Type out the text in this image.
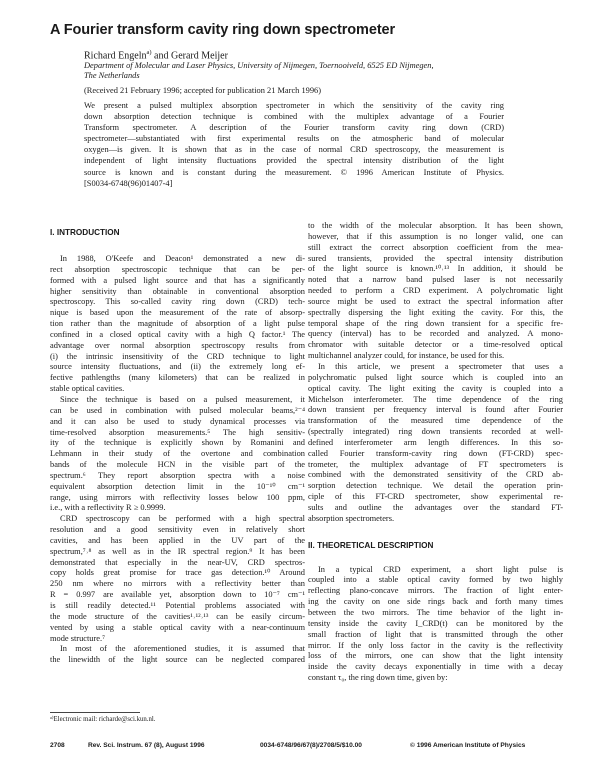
A Fourier transform cavity ring down spectrometer
Richard Engeln$^{a)}$ and Gerard Meijer
Department of Molecular and Laser Physics, University of Nijmegen, Toernooiveld, 6525 ED Nijmegen,
The Netherlands
(Received 21 February 1996; accepted for publication 21 March 1996)
We present a pulsed multiplex absorption spectrometer in which the sensitivity of the cavity ring
down absorption detection technique is combined with the multiplex advantage of a Fourier
Transform spectrometer. A description of the Fourier transform cavity ring down (CRD)
spectrometer—substantiated with first experimental results on the atmospheric band of molecular
oxygen—is given. It is shown that as in the case of normal CRD spectroscopy, the measurement is
independent of light intensity fluctuations provided the spectral intensity distribution of the light
source is known and is constant during the measurement. © 1996 American Institute of Physics.
[S0034-6748(96)01407-4]
I. INTRODUCTION
In 1988, O'Keefe and Deacon¹ demonstrated a new di-
rect absorption spectroscopic technique that can be per-
formed with a pulsed light source and that has a significantly
higher sensitivity than obtainable in conventional absorption
spectroscopy. This so-called cavity ring down (CRD) tech-
nique is based upon the measurement of the rate of absorp-
tion rather than the magnitude of absorption of a light pulse
confined in a closed optical cavity with a high Q factor.¹ The
advantage over normal absorption spectroscopy results from
(i) the intrinsic insensitivity of the CRD technique to light
source intensity fluctuations, and (ii) the extremely long ef-
fective pathlengths (many kilometers) that can be realized in
stable optical cavities.
Since the technique is based on a pulsed measurement, it
can be used in combination with pulsed molecular beams,²⁻⁴
and it can also be used to study dynamical processes via
time-resolved absorption measurements.⁵ The high sensitiv-
ity of the technique is explicitly shown by Romanini and
Lehmann in their study of the overtone and combination
bands of the molecule HCN in the visible part of the
spectrum.⁶ They report absorption spectra with a noise
equivalent absorption detection limit in the 10⁻¹⁰ cm⁻¹
range, using mirrors with reflectivity losses below 100 ppm,
i.e., with a reflectivity R ≥ 0.9999.
CRD spectroscopy can be performed with a high spectral
resolution and a good sensitivity even in relatively short
cavities, and has been applied in the UV part of the
spectrum,⁷˒⁸ as well as in the IR spectral region.⁹ It has been
demonstrated that especially in the near-UV, CRD spectros-
copy holds great promise for trace gas detection.¹⁰ Around
250 nm where no mirrors with a reflectivity better than
R = 0.997 are available yet, absorption down to 10⁻⁷ cm⁻¹
is still readily detected.¹¹ Potential problems associated with
the mode structure of the cavities¹˒¹²˒¹³ can be easily circum-
vented by using a stable optical cavity with a near-continuum
mode structure.⁷
In most of the aforementioned studies, it is assumed that
the linewidth of the light source can be neglected compared
to the width of the molecular absorption. It has been shown,
however, that if this assumption is no longer valid, one can
still extract the correct absorption coefficient from the mea-
sured transients, provided the spectral intensity distribution
of the light source is known.¹⁰˒¹³ In addition, it should be
noted that a narrow band pulsed laser is not necessarily
needed to perform a CRD experiment. A polychromatic light
source might be used to extract the spectral information after
spectrally dispersing the light exiting the cavity. For this, the
temporal shape of the ring down transient for a specific fre-
quency (interval) has to be recorded and analyzed. A mono-
chromator with suitable detector or a time-resolved optical
multichannel analyzer could, for instance, be used for this.
In this article, we present a spectrometer that uses a
polychromatic pulsed light source which is coupled into an
optical cavity. The light exiting the cavity is coupled into a
Michelson interferometer. The time dependence of the ring
down transient per frequency interval is found after Fourier
transformation of the measured time dependence of the
(spectrally integrated) ring down transients recorded at well-
defined interferometer arm length differences. In this so-
called Fourier transform-cavity ring down (FT-CRD) spec-
trometer, the multiplex advantage of FT spectrometers is
combined with the demonstrated sensitivity of the CRD ab-
sorption detection technique. We detail the operation prin-
ciple of this FT-CRD spectrometer, show experimental re-
sults and outline the advantages over the standard FT-
absorption spectrometers.
II. THEORETICAL DESCRIPTION
In a typical CRD experiment, a short light pulse is
coupled into a stable optical cavity formed by two highly
reflecting plano-concave mirrors. The fraction of light enter-
ing the cavity on one side rings back and forth many times
between the two mirrors. The time behavior of the light in-
tensity inside the cavity I_CRD(t) can be monitored by the
small fraction of light that is transmitted through the other
mirror. If the only loss factor in the cavity is the reflectivity
loss of the mirrors, one can show that the light intensity
inside the cavity decays exponentially in time with a decay
constant τ₀, the ring down time, given by:
ᵃ⁾Electronic mail: richarde@sci.kun.nl.
2708	Rev. Sci. Instrum. 67 (8), August 1996	0034-6748/96/67(8)/2708/5/$10.00	© 1996 American Institute of Physics
